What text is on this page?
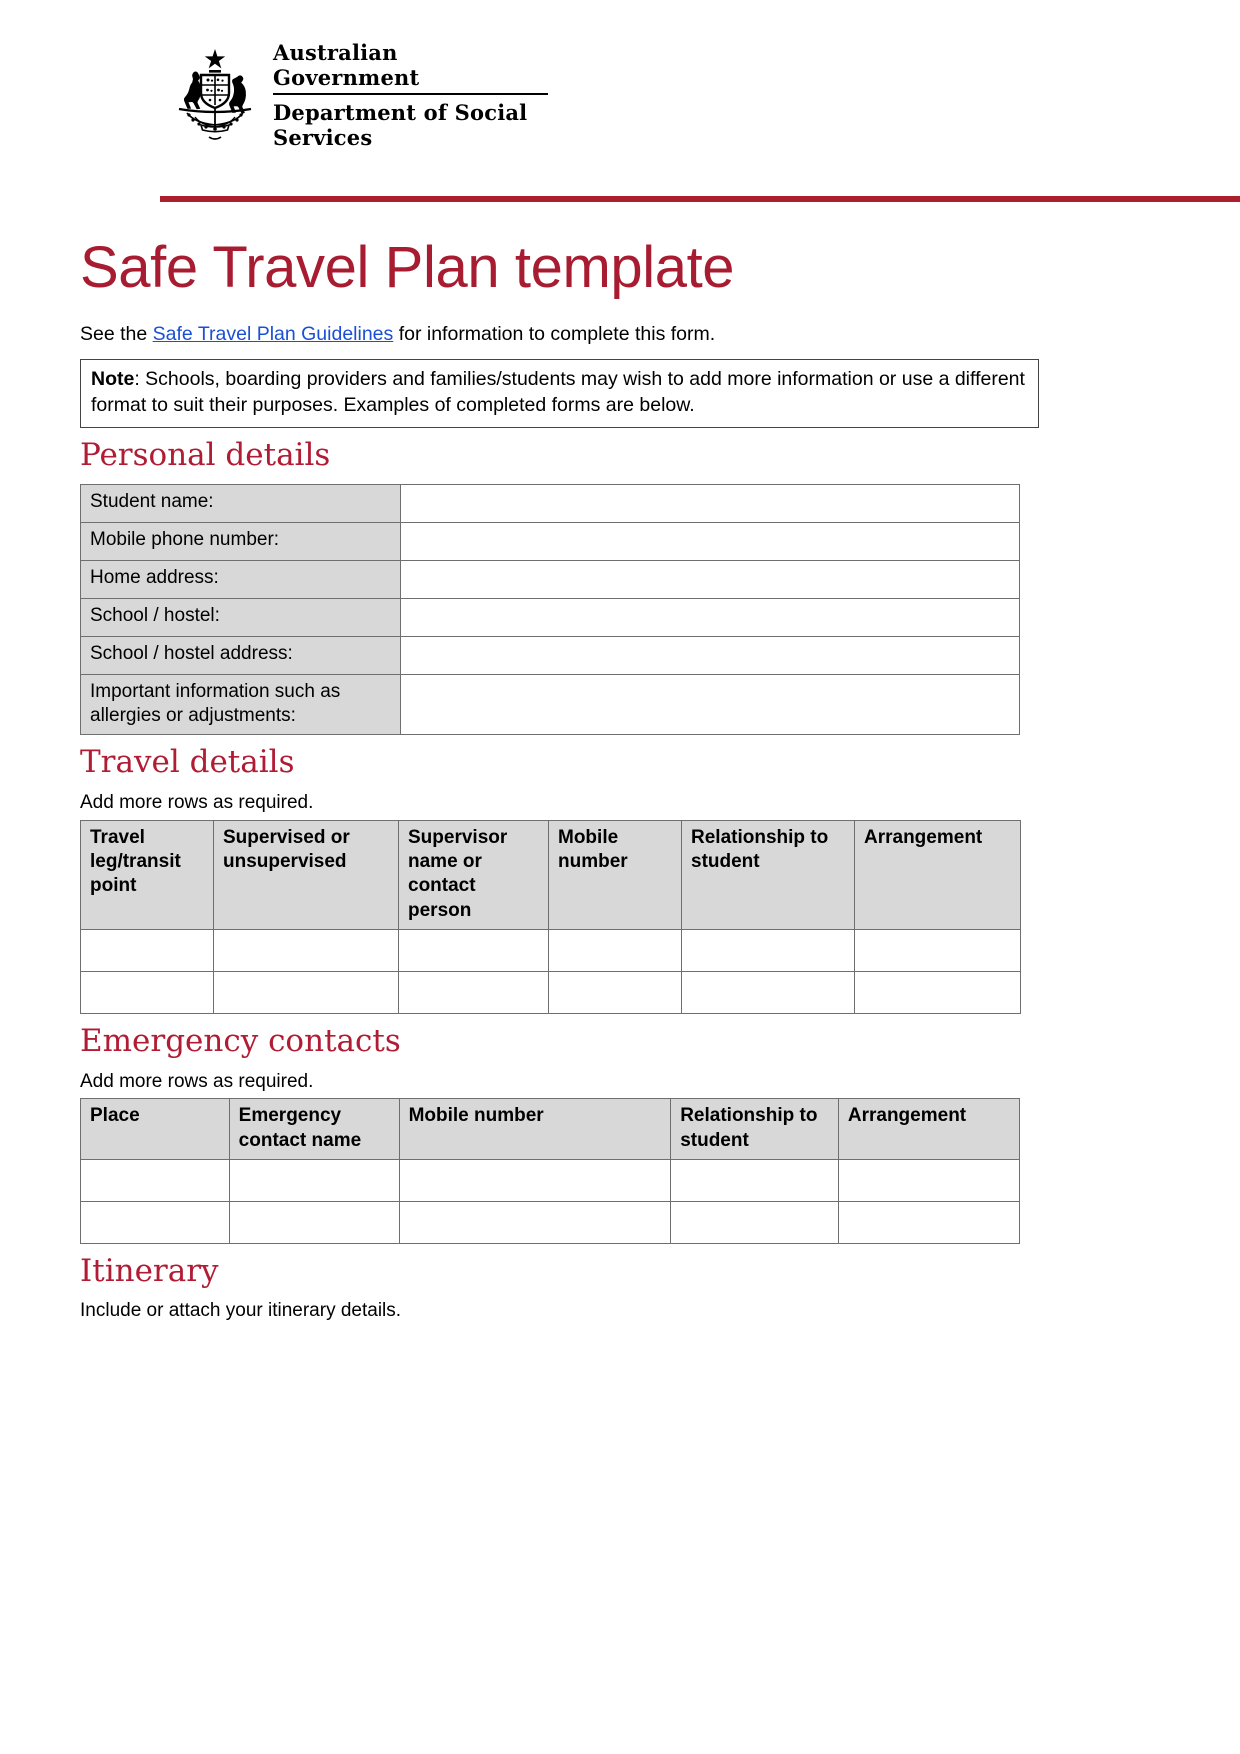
Australian Government
Department of Social Services
Safe Travel Plan template

See the Safe Travel Plan Guidelines for information to complete this form.

Note: Schools, boarding providers and families/students may wish to add more information or use a different format to suit their purposes. Examples of completed forms are below.
Personal details
Student name:	
Mobile phone number:	
Home address:	
School / hostel:	
School / hostel address:	
Important information such as allergies or adjustments:	
Travel details

Add more rows as required.

Travel leg/transit point	Supervised or unsupervised	Supervisor name or contact person	Mobile number	Relationship to student	Arrangement

Emergency contacts

Add more rows as required.

Place	Emergency contact name	Mobile number	Relationship to student	Arrangement

Itinerary

Include or attach your itinerary details.
